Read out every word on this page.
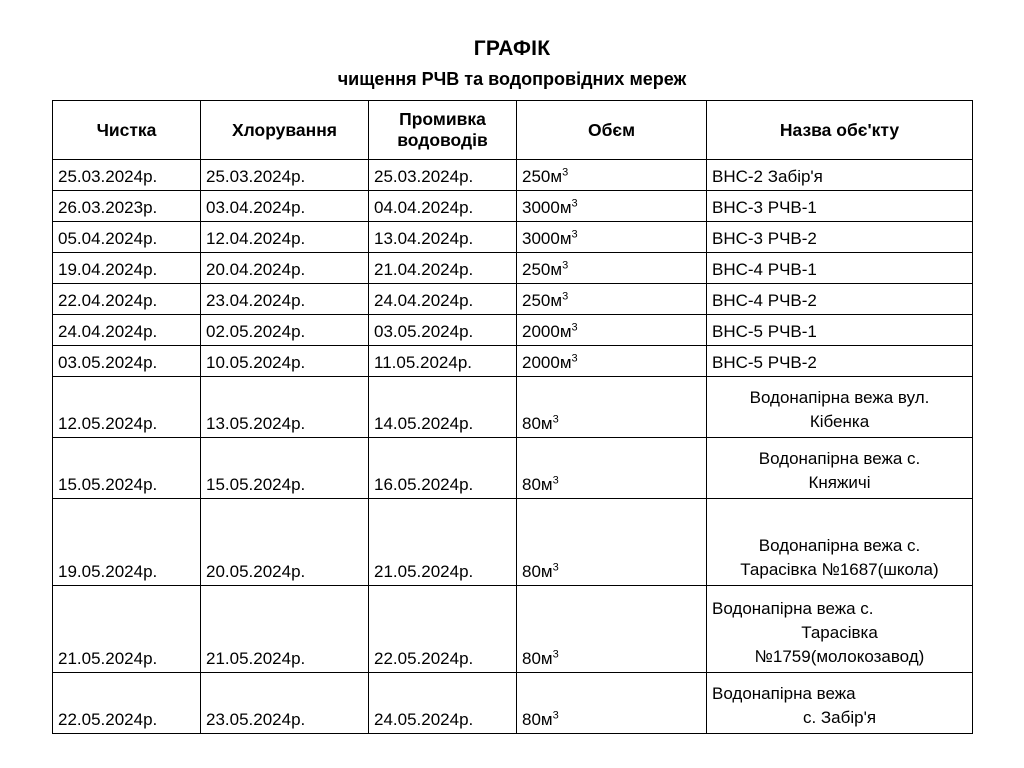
ГРАФІК
чищення РЧВ та водопровідних мереж
Чистка	Хлорування	Промивка водоводів	Обєм	Назва обє'кту
25.03.2024р.	25.03.2024р.	25.03.2024р.	$250м^3$	ВНС-2 Забір'я
26.03.2023р.	03.04.2024р.	04.04.2024р.	$3000м^3$	ВНС-3 РЧВ-1
05.04.2024р.	12.04.2024р.	13.04.2024р.	$3000м^3$	ВНС-3 РЧВ-2
19.04.2024р.	20.04.2024р.	21.04.2024р.	$250м^3$	ВНС-4 РЧВ-1
22.04.2024р.	23.04.2024р.	24.04.2024р.	$250м^3$	ВНС-4 РЧВ-2
24.04.2024р.	02.05.2024р.	03.05.2024р.	$2000м^3$	ВНС-5 РЧВ-1
03.05.2024р.	10.05.2024р.	11.05.2024р.	$2000м^3$	ВНС-5 РЧВ-2
12.05.2024р.	13.05.2024р.	14.05.2024р.	$80м^3$	Водонапірна вежа вул.
Кібенка

15.05.2024р.	15.05.2024р.	16.05.2024р.	$80м^3$	Водонапірна вежа с.
Княжичі

19.05.2024р.	20.05.2024р.	21.05.2024р.	$80м^3$	Водонапірна вежа с.
Тарасівка №1687(школа)

21.05.2024р.	21.05.2024р.	22.05.2024р.	$80м^3$	Водонапірна вежа с.
Тарасівка
№1759(молокозавод)

22.05.2024р.	23.05.2024р.	24.05.2024р.	$80м^3$	Водонапірна вежа
с. Забір'я
